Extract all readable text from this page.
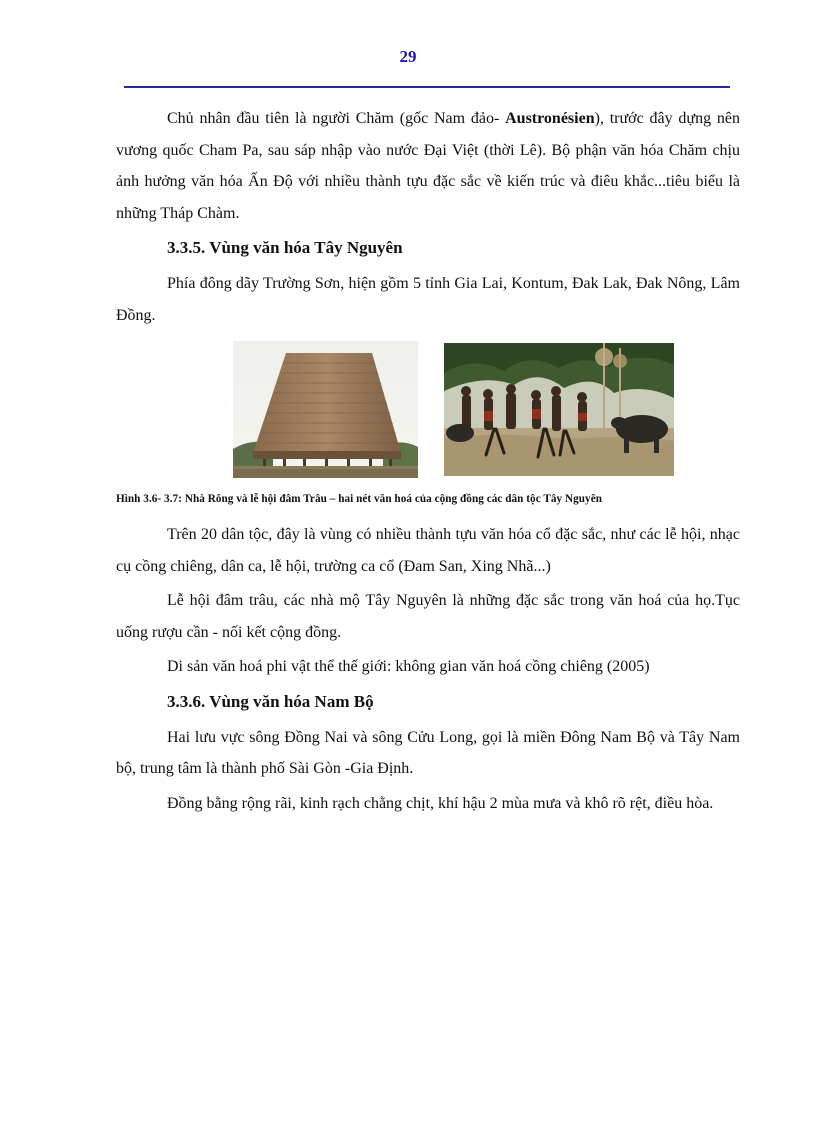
29

Chủ nhân đầu tiên là người Chăm (gốc Nam đảo- Austronésien), trước đây dựng nên vương quốc Cham Pa, sau sáp nhập vào nước Đại Việt (thời Lê). Bộ phận văn hóa Chăm chịu ảnh hưởng văn hóa Ấn Độ với nhiều thành tựu đặc sắc về kiến trúc và điêu khắc...tiêu biểu là những Tháp Chàm.

3.3.5. Vùng văn hóa Tây Nguyên

Phía đông dãy Trường Sơn, hiện gồm 5 tỉnh Gia Lai, Kontum, Đak Lak, Đak Nông, Lâm Đồng.

Hình 3.6- 3.7: Nhà Rông và lễ hội đâm Trâu – hai nét văn hoá của cộng đồng các dân tộc Tây Nguyên

Trên 20 dân tộc, đây là vùng có nhiều thành tựu văn hóa cổ đặc sắc, như các lễ hội, nhạc cụ cồng chiêng, dân ca, lễ hội, trường ca cổ (Đam San, Xing Nhã...)

Lễ hội đâm trâu, các nhà mộ Tây Nguyên là những đặc sắc trong văn hoá của họ.Tục uống rượu cần - nối kết cộng đồng.

Di sản văn hoá phi vật thể thế giới: không gian văn hoá cồng chiêng (2005)

3.3.6. Vùng văn hóa Nam Bộ

Hai lưu vực sông Đồng Nai và sông Cửu Long, gọi là miền Đông Nam Bộ và Tây Nam bộ, trung tâm là thành phố Sài Gòn -Gia Định.

Đồng bằng rộng rãi, kinh rạch chằng chịt, khí hậu 2 mùa mưa và khô rõ rệt, điều hòa.
